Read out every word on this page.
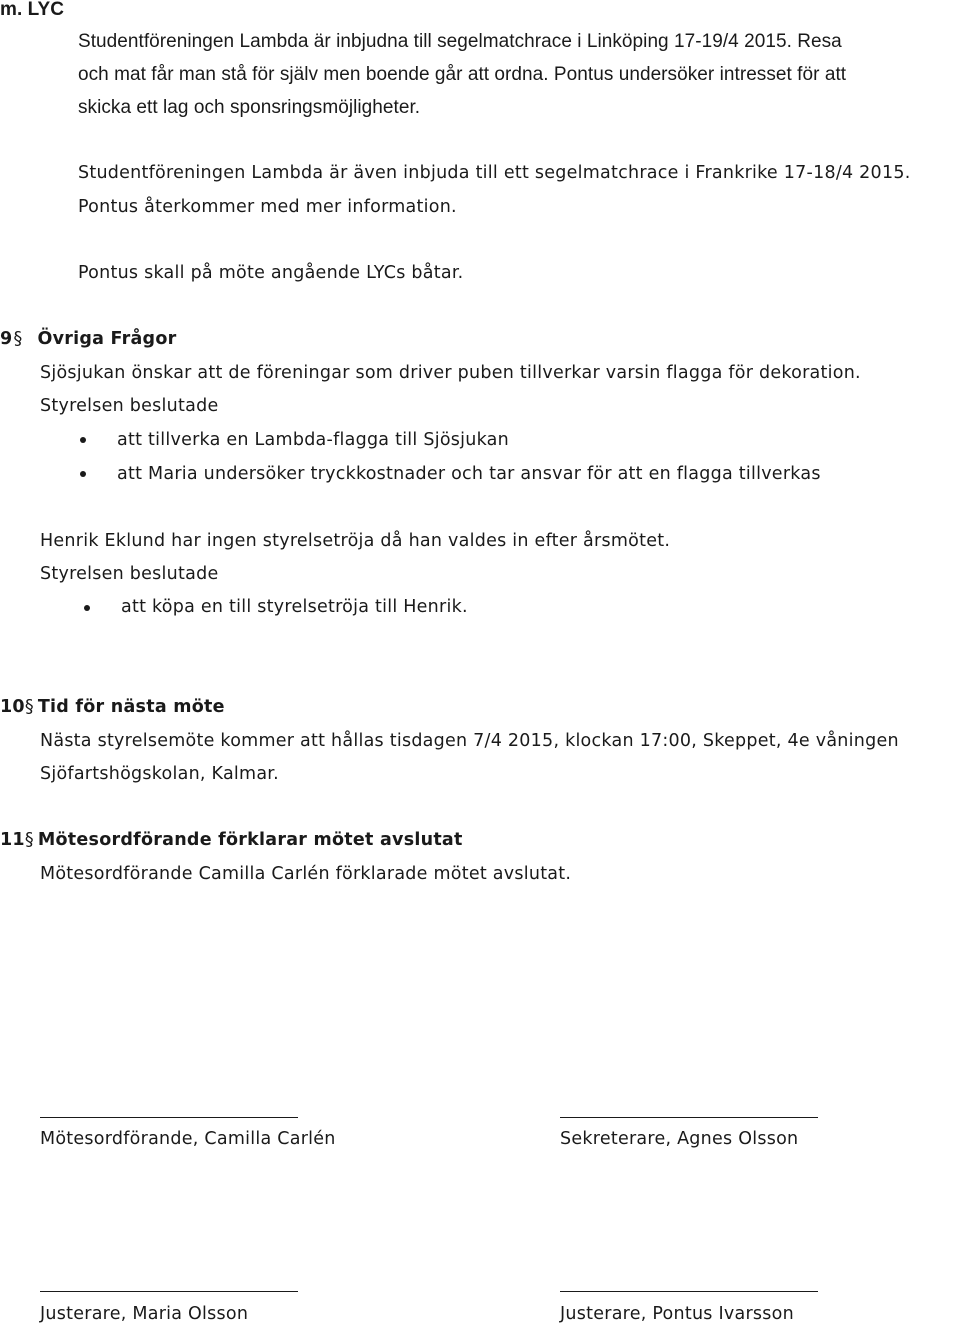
m. LYC
Studentföreningen Lambda är inbjudna till segelmatchrace i Linköping 17-19/4 2015. Resa
och mat får man stå för själv men boende går att ordna. Pontus undersöker intresset för att
skicka ett lag och sponsringsmöjligheter.
Studentföreningen Lambda är även inbjuda till ett segelmatchrace i Frankrike 17-18/4 2015.
Pontus återkommer med mer information.
Pontus skall på möte angående LYCs båtar.
9§ Övriga Frågor
Sjösjukan önskar att de föreningar som driver puben tillverkar varsin flagga för dekoration.
Styrelsen beslutade
att tillverka en Lambda-flagga till Sjösjukan
att Maria undersöker tryckkostnader och tar ansvar för att en flagga tillverkas
Henrik Eklund har ingen styrelsetröja då han valdes in efter årsmötet.
Styrelsen beslutade
att köpa en till styrelsetröja till Henrik.
10§ Tid för nästa möte
Nästa styrelsemöte kommer att hållas tisdagen 7/4 2015, klockan 17:00, Skeppet, 4e våningen
Sjöfartshögskolan, Kalmar.
11§ Mötesordförande förklarar mötet avslutat
Mötesordförande Camilla Carlén förklarade mötet avslutat.
Mötesordförande, Camilla Carlén	Sekreterare, Agnes Olsson
Justerare, Maria Olsson	Justerare, Pontus Ivarsson
